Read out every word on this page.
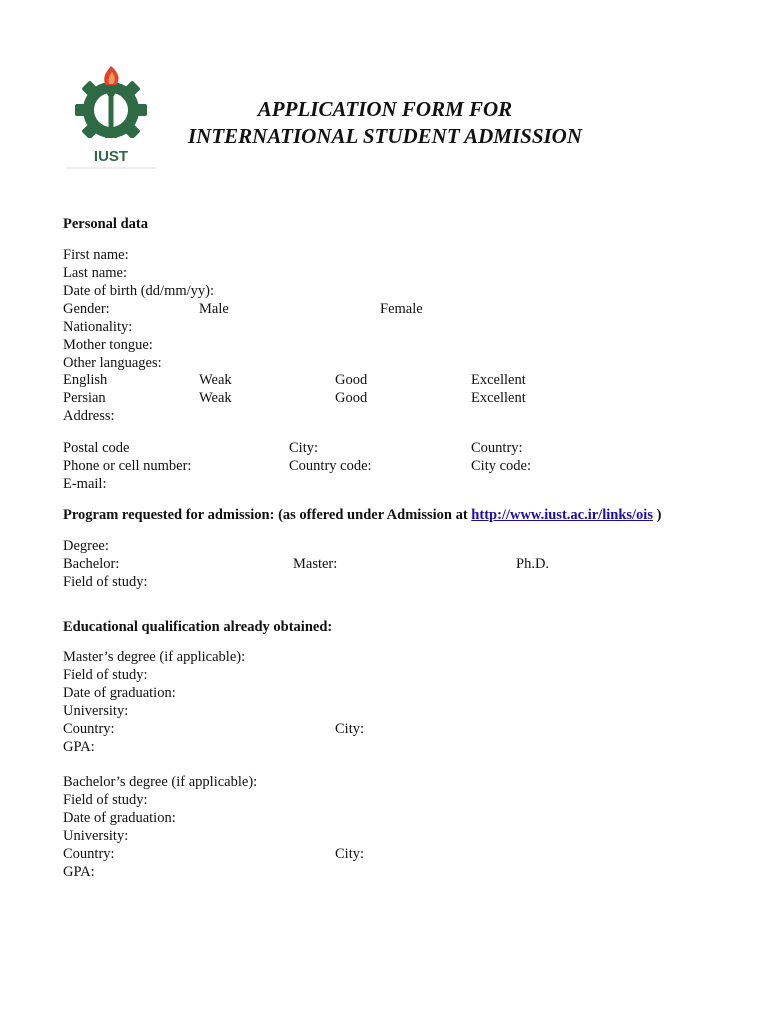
IUST
APPLICATION FORM FOR
INTERNATIONAL STUDENT ADMISSION
Personal data
First name:
Last name:
Date of birth (dd/mm/yy):
Gender:	Male	Female
Nationality:
Mother tongue:
Other languages:
English	Weak	Good	Excellent
Persian	Weak	Good	Excellent
Address:
Postal code	City:	Country:
Phone or cell number:	Country code:	City code:
E-mail:
Program requested for admission: (as offered under Admission at http://www.iust.ac.ir/links/ois )
Degree:
Bachelor:	Master:	Ph.D.
Field of study:
Educational qualification already obtained:
Master’s degree (if applicable):
Field of study:
Date of graduation:
University:
Country:	City:
GPA:
Bachelor’s degree (if applicable):
Field of study:
Date of graduation:
University:
Country:	City:
GPA:
